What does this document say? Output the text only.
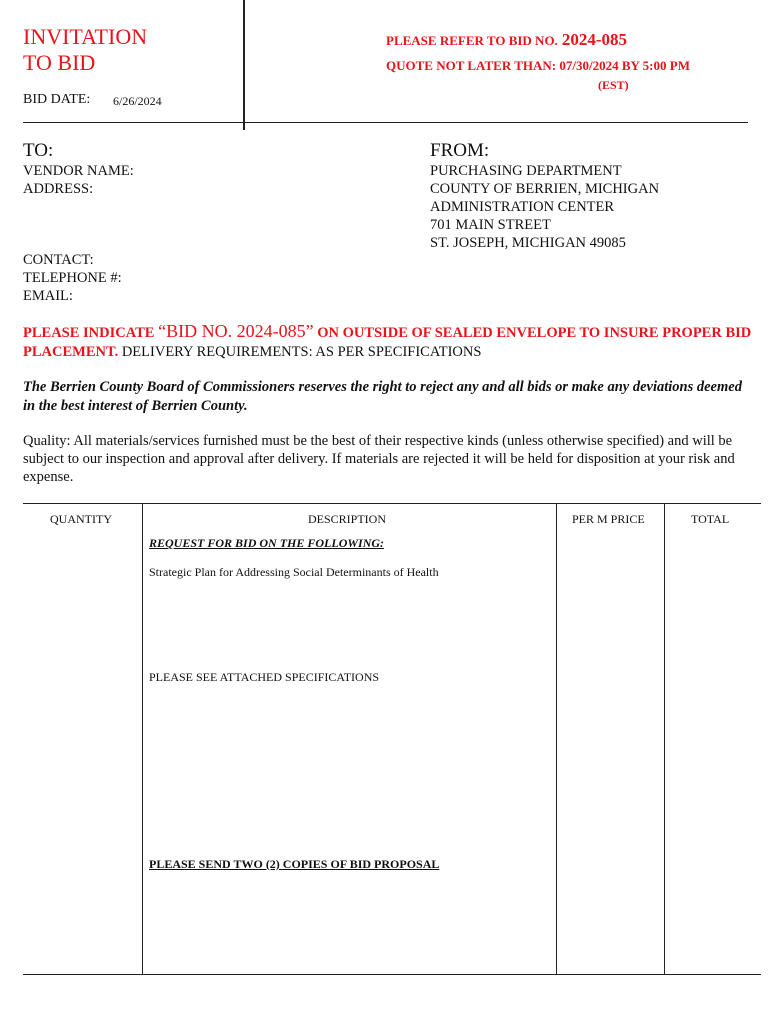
INVITATION
TO BID
BID DATE: 6/26/2024
PLEASE REFER TO BID NO. 2024-085
QUOTE NOT LATER THAN: 07/30/2024 BY 5:00 PM
(EST)
TO:	FROM:
VENDOR NAME:
ADDRESS:
PURCHASING DEPARTMENT
COUNTY OF BERRIEN, MICHIGAN
ADMINISTRATION CENTER
701 MAIN STREET
ST. JOSEPH, MICHIGAN 49085
CONTACT:
TELEPHONE #:
EMAIL:
PLEASE INDICATE “BID NO. 2024-085” ON OUTSIDE OF SEALED ENVELOPE TO INSURE PROPER BID PLACEMENT. DELIVERY REQUIREMENTS: AS PER SPECIFICATIONS
The Berrien County Board of Commissioners reserves the right to reject any and all bids or make any deviations deemed in the best interest of Berrien County.
Quality: All materials/services furnished must be the best of their respective kinds (unless otherwise specified) and will be subject to our inspection and approval after delivery. If materials are rejected it will be held for disposition at your risk and expense.
QUANTITY	DESCRIPTION	PER M PRICE	TOTAL
REQUEST FOR BID ON THE FOLLOWING:
Strategic Plan for Addressing Social Determinants of Health
PLEASE SEE ATTACHED SPECIFICATIONS
PLEASE SEND TWO (2) COPIES OF BID PROPOSAL
